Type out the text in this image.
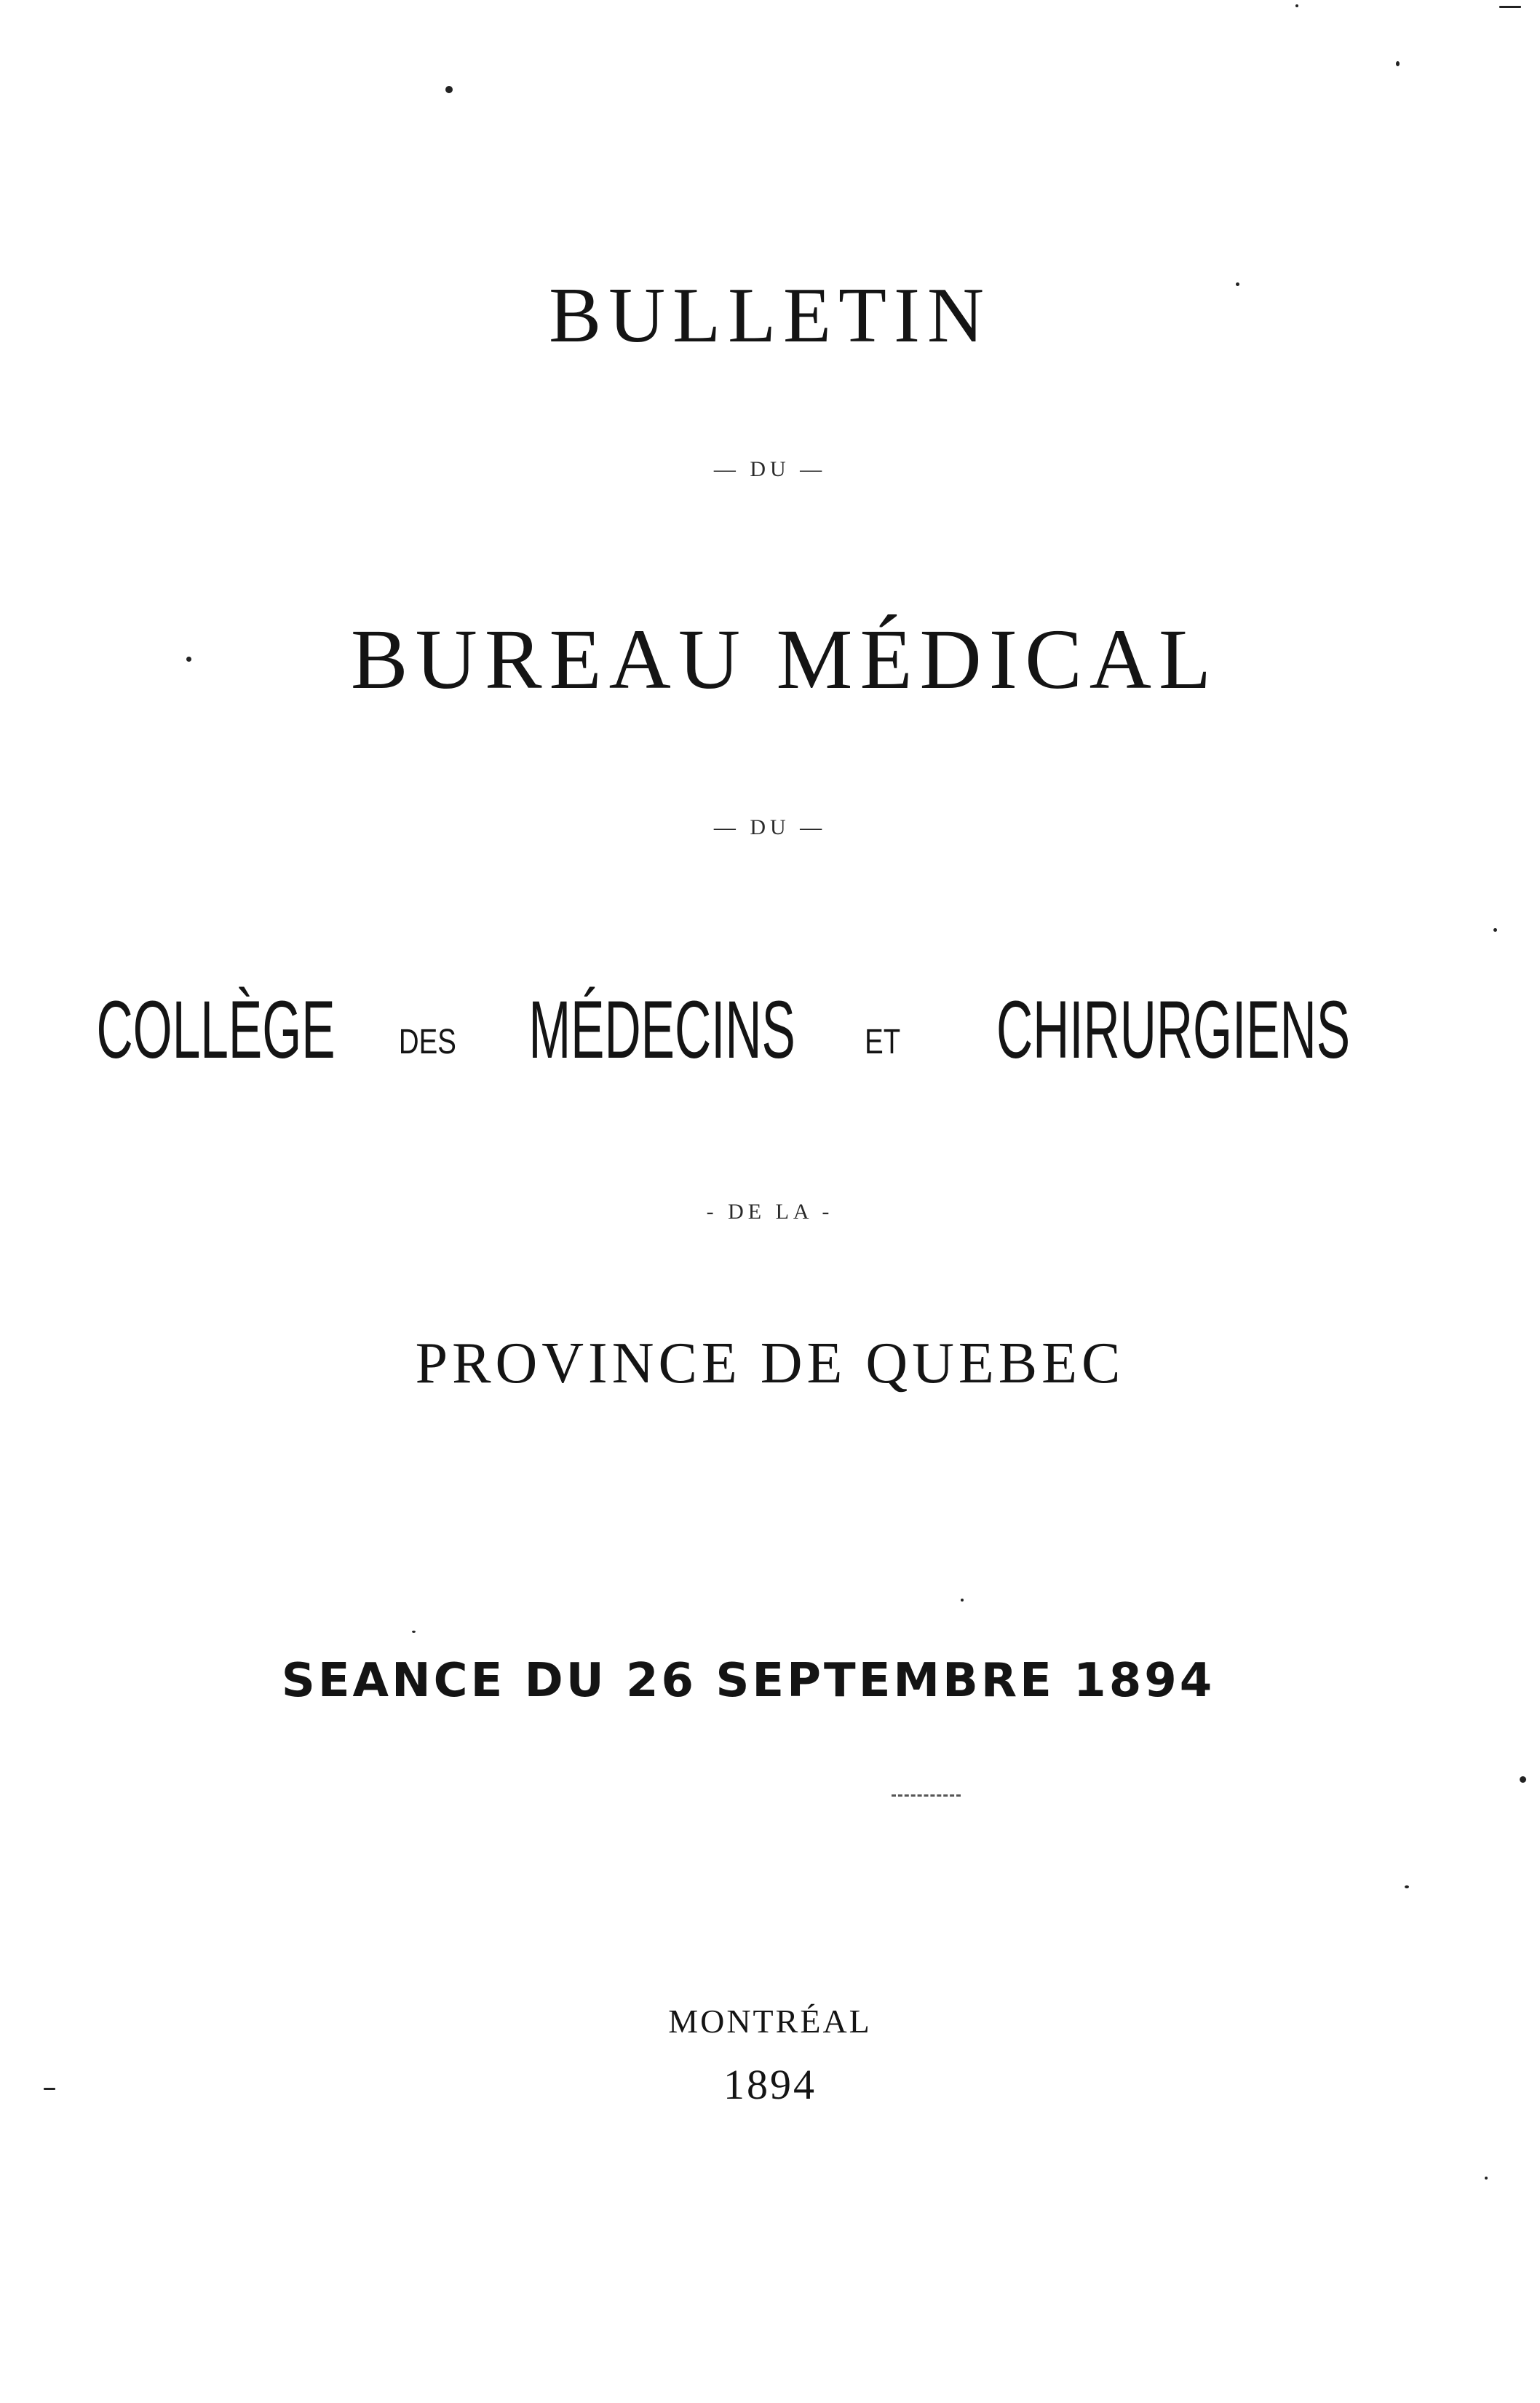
BULLETIN
— DU —
BUREAU MÉDICAL
— DU —
COLLÈGE DES MÉDECINS ET CHIRURGIENS
- DE LA -
PROVINCE DE QUEBEC
SEANCE DU 26 SEPTEMBRE 1894
MONTRÉAL
1894
